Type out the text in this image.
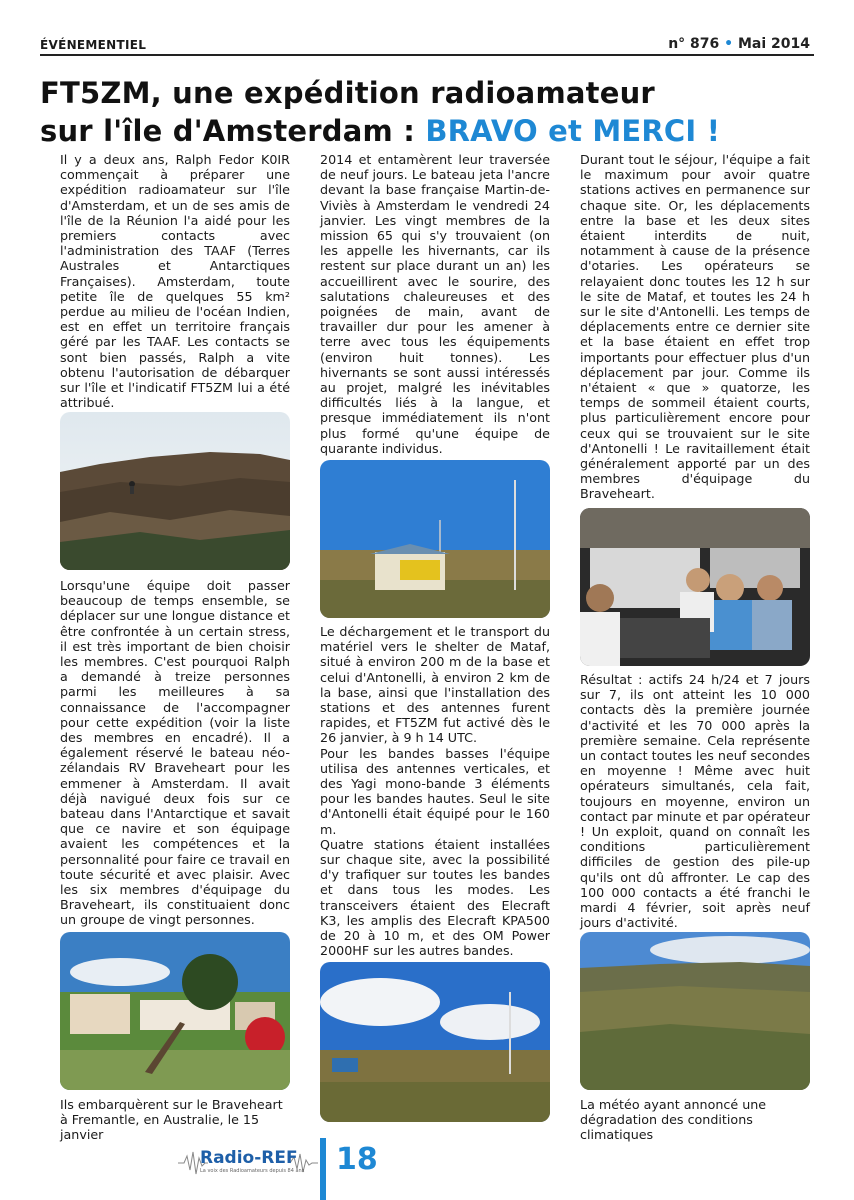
ÉVÉNEMENTIEL	n° 876 • Mai 2014
FT5ZM, une expédition radioamateur
sur l'île d'Amsterdam : BRAVO et MERCI !

Il y a deux ans, Ralph Fedor K0IR commençait à préparer une expédition radioamateur sur l'île d'Amsterdam, et un de ses amis de l'île de la Réunion l'a aidé pour les premiers contacts avec l'administration des TAAF (Terres Australes et Antarctiques Françaises). Amsterdam, toute petite île de quelques 55 km² perdue au milieu de l'océan Indien, est en effet un territoire français géré par les TAAF. Les contacts se sont bien passés, Ralph a vite obtenu l'autorisation de débarquer sur l'île et l'indicatif FT5ZM lui a été attribué.

Lorsqu'une équipe doit passer beaucoup de temps ensemble, se déplacer sur une longue distance et être confrontée à un certain stress, il est très important de bien choisir les membres. C'est pourquoi Ralph a demandé à treize personnes parmi les meilleures à sa connaissance de l'accompagner pour cette expédition (voir la liste des membres en encadré). Il a également réservé le bateau néo-zélandais RV Braveheart pour les emmener à Amsterdam. Il avait déjà navigué deux fois sur ce bateau dans l'Antarctique et savait que ce navire et son équipage avaient les compétences et la personnalité pour faire ce travail en toute sécurité et avec plaisir. Avec les six membres d'équipage du Braveheart, ils constituaient donc un groupe de vingt personnes.

Ils embarquèrent sur le Braveheart à Fremantle, en Australie, le 15 janvier

2014 et entamèrent leur traversée de neuf jours. Le bateau jeta l'ancre devant la base française Martin-de-Viviès à Amsterdam le vendredi 24 janvier. Les vingt membres de la mission 65 qui s'y trouvaient (on les appelle les hivernants, car ils restent sur place durant un an) les accueillirent avec le sourire, des salutations chaleureuses et des poignées de main, avant de travailler dur pour les amener à terre avec tous les équipements (environ huit tonnes). Les hivernants se sont aussi intéressés au projet, malgré les inévitables difficultés liés à la langue, et presque immédiatement ils n'ont plus formé qu'une équipe de quarante individus.

Le déchargement et le transport du matériel vers le shelter de Mataf, situé à environ 200 m de la base et celui d'Antonelli, à environ 2 km de la base, ainsi que l'installation des stations et des antennes furent rapides, et FT5ZM fut activé dès le 26 janvier, à 9 h 14 UTC.

Pour les bandes basses l'équipe utilisa des antennes verticales, et des Yagi mono-bande 3 éléments pour les bandes hautes. Seul le site d'Antonelli était équipé pour le 160 m.

Quatre stations étaient installées sur chaque site, avec la possibilité d'y trafiquer sur toutes les bandes et dans tous les modes. Les transceivers étaient des Elecraft K3, les amplis des Elecraft KPA500 de 20 à 10 m, et des OM Power 2000HF sur les autres bandes.

Durant tout le séjour, l'équipe a fait le maximum pour avoir quatre stations actives en permanence sur chaque site. Or, les déplacements entre la base et les deux sites étaient interdits de nuit, notamment à cause de la présence d'otaries. Les opérateurs se relayaient donc toutes les 12 h sur le site de Mataf, et toutes les 24 h sur le site d'Antonelli. Les temps de déplacements entre ce dernier site et la base étaient en effet trop importants pour effectuer plus d'un déplacement par jour. Comme ils n'étaient « que » quatorze, les temps de sommeil étaient courts, plus particulièrement encore pour ceux qui se trouvaient sur le site d'Antonelli ! Le ravitaillement était généralement apporté par un des membres d'équipage du Braveheart.

Résultat : actifs 24 h/24 et 7 jours sur 7, ils ont atteint les 10 000 contacts dès la première journée d'activité et les 70 000 après la première semaine. Cela représente un contact toutes les neuf secondes en moyenne ! Même avec huit opérateurs simultanés, cela fait, toujours en moyenne, environ un contact par minute et par opérateur ! Un exploit, quand on connaît les conditions particulièrement difficiles de gestion des pile-up qu'ils ont dû affronter. Le cap des 100 000 contacts a été franchi le mardi 4 février, soit après neuf jours d'activité.

La météo ayant annoncé une dégradation des conditions climatiques

Radio-REF
La voix des Radioamateurs depuis 84 ans 18
